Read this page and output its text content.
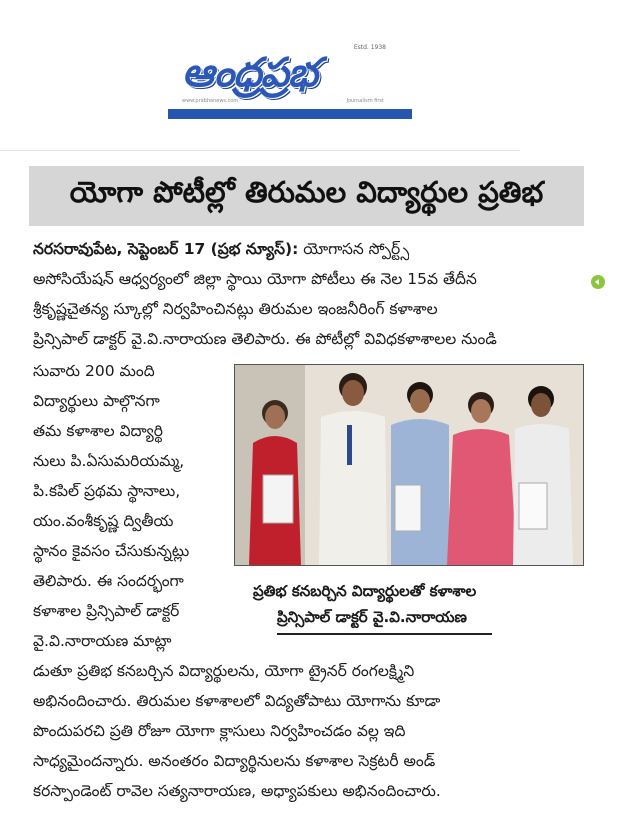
Estd. 1938
ఆంధ్రప్రభ
www.prabhanews.com	Journalism first
యోగా పోటీల్లో తిరుమల విద్యార్థుల ప్రతిభ
నరసరావుపేట, సెప్టెంబర్ 17 (ప్రభ న్యూస్): యోగాసన స్పోర్ట్స్
అసోసియేషన్ ఆధ్వర్యంలో జిల్లా స్థాయి యోగా పోటీలు ఈ నెల 15వ తేదీన
శ్రీకృష్ణచైతన్య స్కూల్లో నిర్వహించినట్లు తిరుమల ఇంజనీరింగ్ కళాశాల
ప్రిన్సిపాల్ డాక్టర్ వై.వి.నారాయణ తెలిపారు. ఈ పోటీల్లో వివిధకళాశాలల నుండి
సువారు 200 మంది
విద్యార్థులు పాల్గొనగా
తమ కళాశాల విద్యార్థి
నులు పి.ఏసుమరియమ్మ,
పి.కపిల్ ప్రథమ స్థానాలు,
యం.వంశీకృష్ణ ద్వితీయ
స్థానం కైవసం చేసుకున్నట్లు
తెలిపారు. ఈ సందర్భంగా
కళాశాల ప్రిన్సిపాల్ డాక్టర్
వై.వి.నారాయణ మాట్లా
ప్రతిభ కనబర్చిన విద్యార్థులతో కళాశాల
ప్రిన్సిపాల్ డాక్టర్ వై.వి.నారాయణ
డుతూ ప్రతిభ కనబర్చిన విద్యార్థులను, యోగా ట్రైనర్ రంగలక్ష్మిని
అభినందించారు. తిరుమల కళాశాలలో విద్యతోపాటు యోగాను కూడా
పొందుపరచి ప్రతి రోజూ యోగా క్లాసులు నిర్వహించడం వల్ల ఇది
సాధ్యమైందన్నారు. అనంతరం విద్యార్థినులను కళాశాల సెక్రటరీ అండ్
కరస్పాండెంట్ రావెల సత్యనారాయణ, అధ్యాపకులు అభినందించారు.
